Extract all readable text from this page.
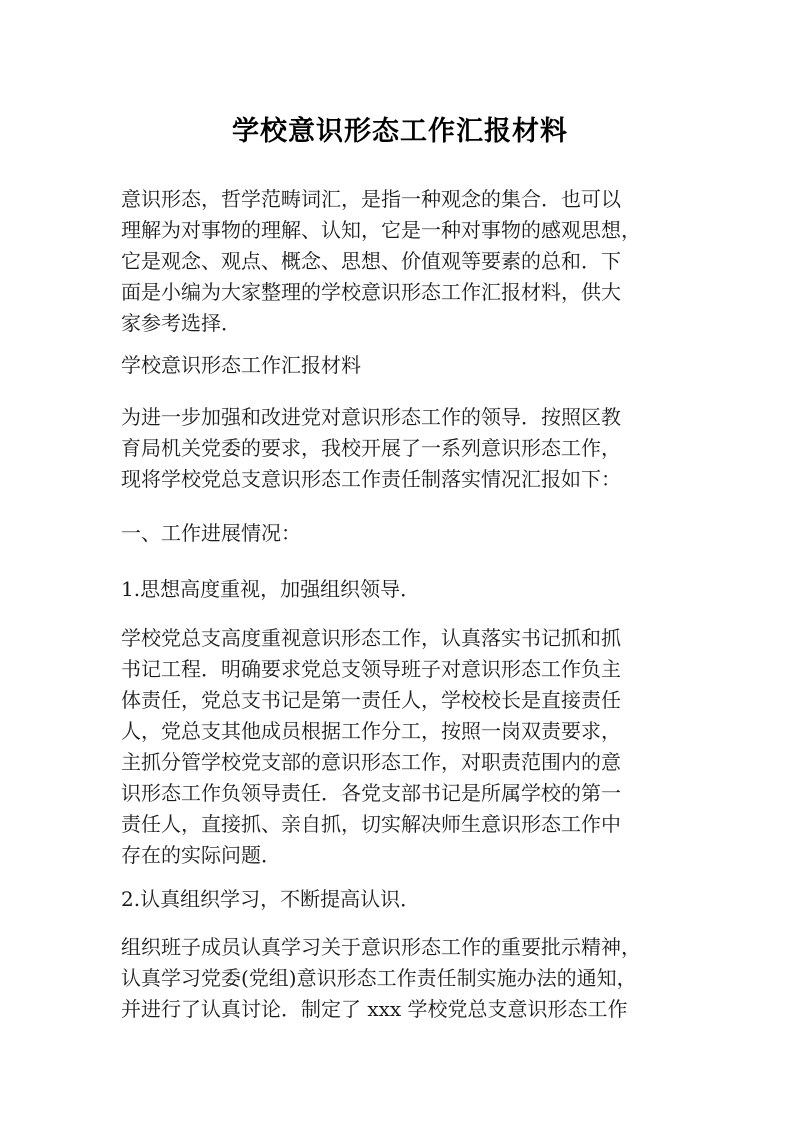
学校意识形态工作汇报材料
意识形态，哲学范畴词汇，是指一种观念的集合．也可以
理解为对事物的理解、认知，它是一种对事物的感观思想，
它是观念、观点、概念、思想、价值观等要素的总和．下
面是小编为大家整理的学校意识形态工作汇报材料，供大
家参考选择．
学校意识形态工作汇报材料
为进一步加强和改进党对意识形态工作的领导．按照区教
育局机关党委的要求，我校开展了一系列意识形态工作，
现将学校党总支意识形态工作责任制落实情况汇报如下：
一、工作进展情况：
1.思想高度重视，加强组织领导．
学校党总支高度重视意识形态工作，认真落实书记抓和抓
书记工程．明确要求党总支领导班子对意识形态工作负主
体责任，党总支书记是第一责任人，学校校长是直接责任
人，党总支其他成员根据工作分工，按照一岗双责要求，
主抓分管学校党支部的意识形态工作，对职责范围内的意
识形态工作负领导责任．各党支部书记是所属学校的第一
责任人，直接抓、亲自抓，切实解决师生意识形态工作中
存在的实际问题．
2.认真组织学习，不断提高认识．
组织班子成员认真学习关于意识形态工作的重要批示精神，
认真学习党委(党组)意识形态工作责任制实施办法的通知，
并进行了认真讨论．制定了 xxx 学校党总支意识形态工作
